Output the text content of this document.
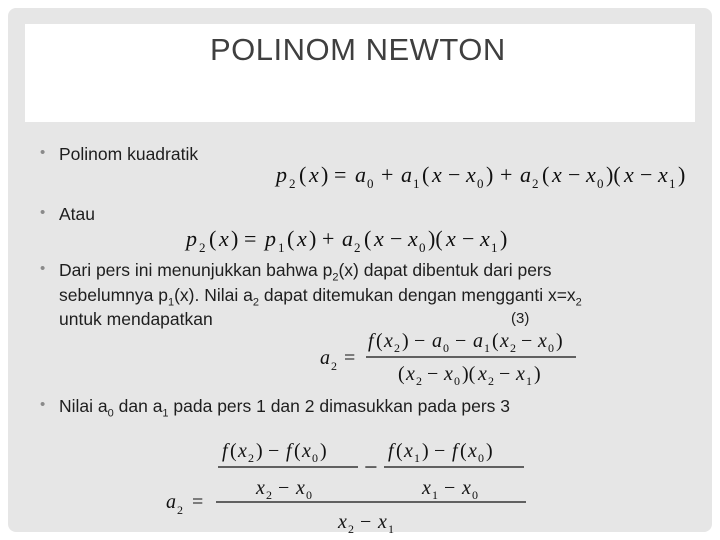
POLINOM NEWTON
• Polinom kuadratik
p 2 ( x ) = a 0 + a 1 ( x − x 0 ) + a 2 ( x − x 0 )( x − x 1 )
• Atau
p 2 ( x ) = p 1 ( x ) + a 2 ( x − x 0 )( x − x 1 )
• Dari pers ini menunjukkan bahwa $p_2(x)$ dapat dibentuk dari pers
sebelumnya $p_1(x)$. Nilai $a_2$ dapat ditemukan dengan mengganti $x=x_2$
untuk mendapatkan	(3)
a 2 =
f ( x 2 ) − a 0 − a 1 ( x 2 − x 0 )
( x 2 − x 0 )( x 2 − x 1 )
• Nilai $a_0$ dan $a_1$ pada pers 1 dan 2 dimasukkan pada pers 3
f ( x 2 ) − f ( x 0 )
x 2 − x 0
−
f ( x 1 ) − f ( x 0 )
x 1 − x 0
a 2 =
x 2 − x 1
